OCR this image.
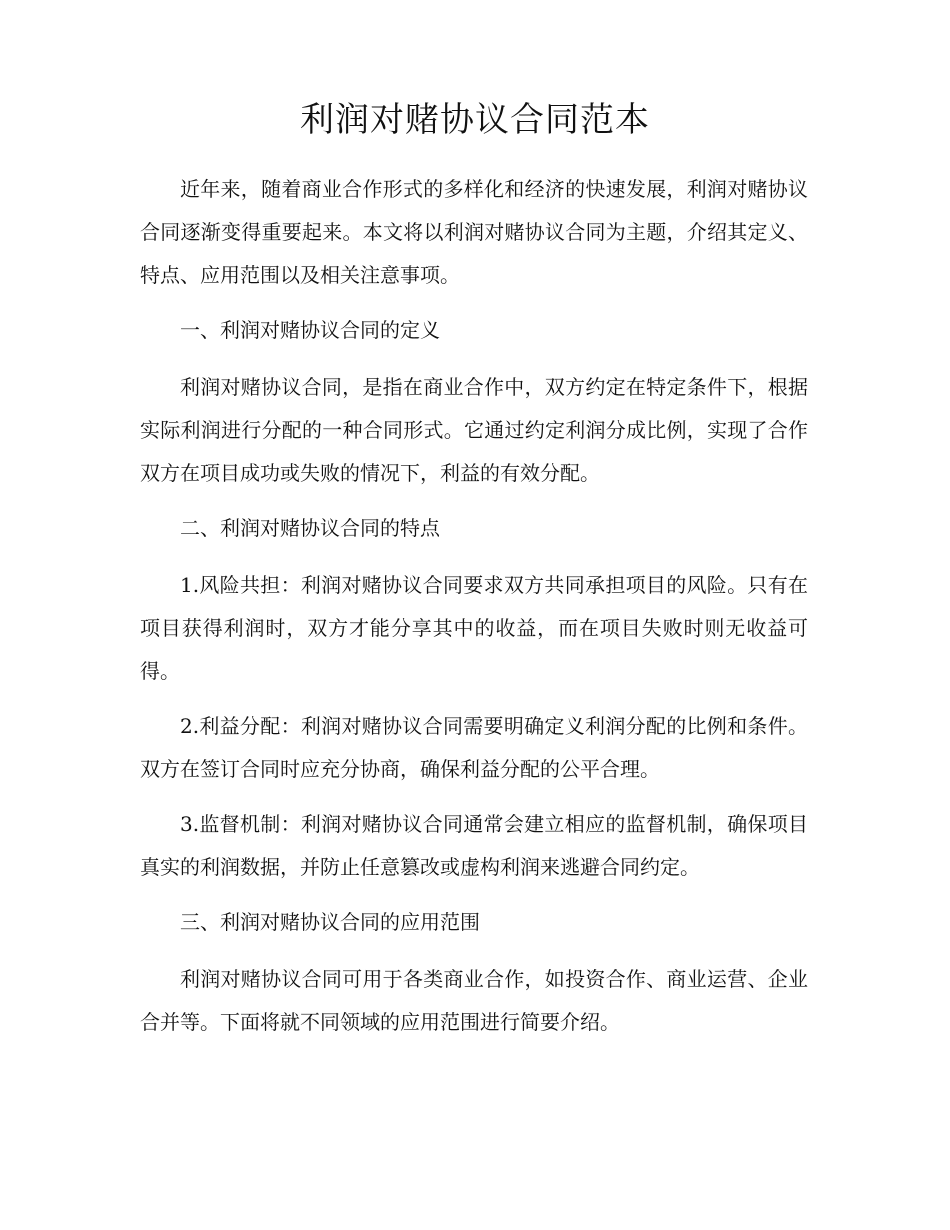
利润对赌协议合同范本

近年来，随着商业合作形式的多样化和经济的快速发展，利润对赌协议合同逐渐变得重要起来。本文将以利润对赌协议合同为主题，介绍其定义、特点、应用范围以及相关注意事项。

一、利润对赌协议合同的定义

利润对赌协议合同，是指在商业合作中，双方约定在特定条件下，根据实际利润进行分配的一种合同形式。它通过约定利润分成比例，实现了合作双方在项目成功或失败的情况下，利益的有效分配。

二、利润对赌协议合同的特点

1.风险共担：利润对赌协议合同要求双方共同承担项目的风险。只有在项目获得利润时，双方才能分享其中的收益，而在项目失败时则无收益可得。

2.利益分配：利润对赌协议合同需要明确定义利润分配的比例和条件。双方在签订合同时应充分协商，确保利益分配的公平合理。

3.监督机制：利润对赌协议合同通常会建立相应的监督机制，确保项目真实的利润数据，并防止任意篡改或虚构利润来逃避合同约定。

三、利润对赌协议合同的应用范围

利润对赌协议合同可用于各类商业合作，如投资合作、商业运营、企业合并等。下面将就不同领域的应用范围进行简要介绍。
